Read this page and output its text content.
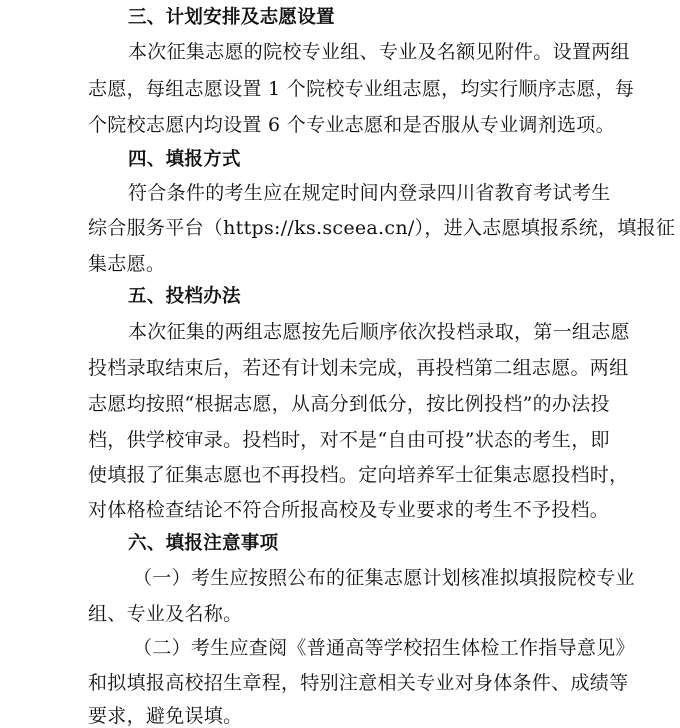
三、计划安排及志愿设置
本次征集志愿的院校专业组、专业及名额见附件。设置两组
志愿，每组志愿设置 1 个院校专业组志愿，均实行顺序志愿，每
个院校志愿内均设置 6 个专业志愿和是否服从专业调剂选项。
四、填报方式
符合条件的考生应在规定时间内登录四川省教育考试考生
综合服务平台（https://ks.sceea.cn/），进入志愿填报系统，填报征
集志愿。
五、投档办法
本次征集的两组志愿按先后顺序依次投档录取，第一组志愿
投档录取结束后，若还有计划未完成，再投档第二组志愿。两组
志愿均按照“根据志愿，从高分到低分，按比例投档”的办法投
档，供学校审录。投档时，对不是“自由可投”状态的考生，即
使填报了征集志愿也不再投档。定向培养军士征集志愿投档时，
对体格检查结论不符合所报高校及专业要求的考生不予投档。
六、填报注意事项
（一）考生应按照公布的征集志愿计划核准拟填报院校专业
组、专业及名称。
（二）考生应查阅《普通高等学校招生体检工作指导意见》
和拟填报高校招生章程，特别注意相关专业对身体条件、成绩等
要求，避免误填。
